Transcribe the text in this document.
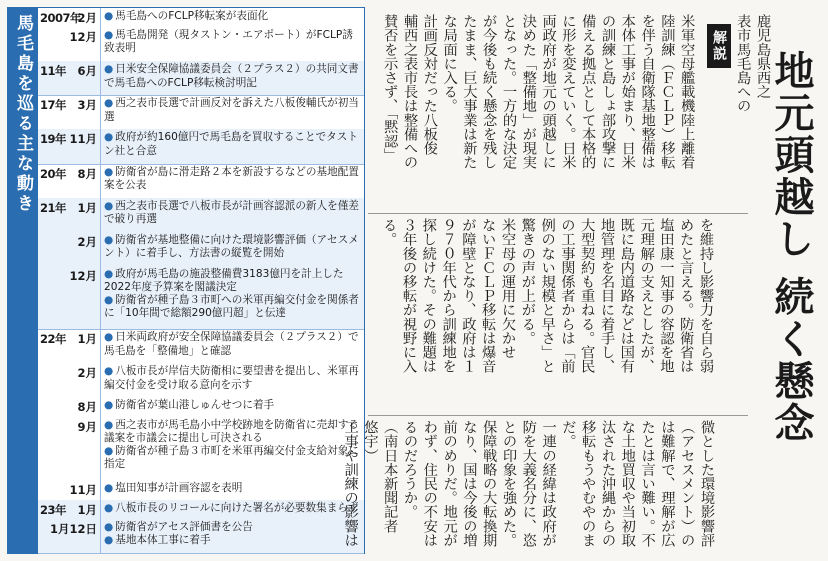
馬毛島を巡る主な動き 2007年
2月 ● 馬毛島へのFCLP移転案が表面化
12月 ● 馬毛島開発（現タストン・エアポート）がFCLP誘致表明
11年 6月 ● 日米安全保障協議委員会（２プラス２）の共同文書で馬毛島へのFCLP移転検討明記
17年 3月 ● 西之表市長選で計画反対を訴えた八板俊輔氏が初当選
19年 11月 ● 政府が約160億円で馬毛島を買収することでタストン社と合意
20年 8月 ● 防衛省が島に滑走路２本を新設するなどの基地配置案を公表
21年 1月 ● 西之表市長選で八板市長が計画容認派の新人を僅差で破り再選
2月 ● 防衛省が基地整備に向けた環境影響評価（アセスメント）に着手し、方法書の縦覧を開始
12月 ● 政府が馬毛島の施設整備費3183億円を計上した2022年度予算案を閣議決定
● 防衛省が種子島３市町への米軍再編交付金を関係者に「10年間で総額290億円超」と伝達
22年 1月 ● 日米両政府が安全保障協議委員会（２プラス２）で馬毛島を「整備地」と確認
2月 ● 八板市長が岸信夫防衛相に要望書を提出し、米軍再編交付金を受け取る意向を示す
8月 ● 防衛省が葉山港しゅんせつに着手
9月 ● 西之表市が馬毛島小中学校跡地を防衛省に売却する議案を市議会に提出し可決される
● 防衛省が種子島３市町を米軍再編交付金支給対象に指定
11月 ● 塩田知事が計画容認を表明
23年 1月 ● 八板市長のリコールに向けた署名が必要数集まらず
1月12日 ● 防衛省がアセス評価書を公告
● 基地本体工事に着手
地元頭越し 続く懸念
解説 鹿児島県西之
表市馬毛島への
米軍空母艦載機陸上離着
陸訓練（ＦＣＬＰ）移転
を伴う自衛隊基地整備は
本体工事が始まり、日米
の訓練と島しょ部攻撃に
備える拠点として本格的
に形を変えていく。日米
両政府が地元の頭越しに
決めた「整備地」が現実
となった。一方的な決定
が今後も続く懸念を残し
たまま、巨大事業は新た
な局面に入る。
計画反対だった八板俊
輔西之表市長は整備への
賛否を示さず、「黙認」
を維持し影響力を自ら弱
めたと言える。防衛省は
塩田康一知事の容認を地
元理解の支えとしたが、
既に島内道路などは国有
地管理を名目に着手し、
大型契約も重ねる。官民
の工事関係者からは「前
例のない規模と早さ」と
驚きの声が上がる。
米空母の運用に欠かせ
ないＦＣＬＰ移転は爆音
が障壁となり、政府は１
９７０年代から訓練地を
探し続けた。その難題は
３年後の移転が視野に入
る。
微とした環境影響評
（アセスメント）の
は難解で、理解が広
たとは言い難い。不
な土地買収や当初取
汰された沖縄からの
移転もうやむやのま
だ。
一連の経緯は政府が
防を大義名分に、恣
との印象を強めた。
保障戦略の大転換期
なり、国は今後の増
前のめりだ。地元が
わず、住民の不安は
るのだろうか。
（南日本新聞記者　
悠宇）
工事や訓練の影響は
